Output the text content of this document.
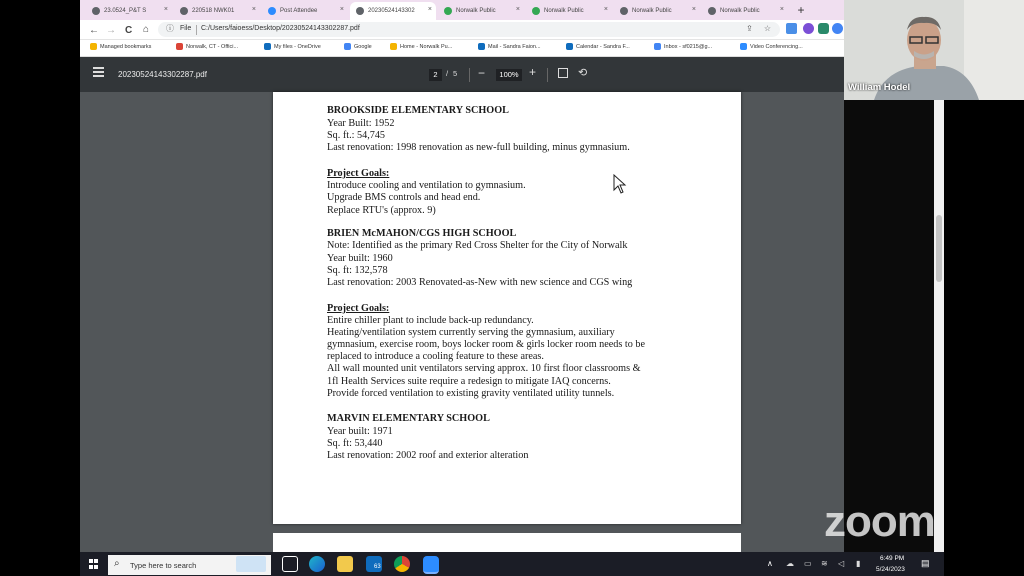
23.0524_P&T S	×	220518 NWK01	×	Post Attendee	×	20230524143302 ×	Norwalk Public	×	Norwalk Public	×	Norwalk Public	×	Norwalk Public	×	+
← → C ⌂ ⓘ File C:/Users/faioess/Desktop/20230524143302287.pdf	⇪ ☆
Managed bookmarks	Norwalk, CT - Offici...	My files - OneDrive	Google	Home - Norwalk Pu...	Mail - Sandra Faion...	Calendar - Sandra F...	Inbox - sf0215@g...	Video Conferencing...
20230524143302287.pdf	2	/ 5 −	100% +	⟲
BROOKSIDE ELEMENTARY SCHOOL
Year Built: 1952
Sq. ft.: 54,745
Last renovation: 1998 renovation as new-full building, minus gymnasium.
Project Goals:
Introduce cooling and ventilation to gymnasium.
Upgrade BMS controls and head end.
Replace RTU's (approx. 9)
BRIEN McMAHON/CGS HIGH SCHOOL
Note: Identified as the primary Red Cross Shelter for the City of Norwalk
Year built: 1960
Sq. ft: 132,578
Last renovation: 2003 Renovated-as-New with new science and CGS wing
Project Goals:
Entire chiller plant to include back-up redundancy.
Heating/ventilation system currently serving the gymnasium, auxiliary
gymnasium, exercise room, boys locker room & girls locker room needs to be
replaced to introduce a cooling feature to these areas.
All wall mounted unit ventilators serving approx. 10 first floor classrooms &
1fl Health Services suite require a redesign to mitigate IAQ concerns.
Provide forced ventilation to existing gravity ventilated utility tunnels.
MARVIN ELEMENTARY SCHOOL
Year built: 1971
Sq. ft: 53,440
Last renovation: 2002 roof and exterior alteration
William Hodel
zoom
⌕ Type here to search	63	∧ ☁ ▭ ≋ ◁ ▮
6:49 PM
5/24/2023
▤
